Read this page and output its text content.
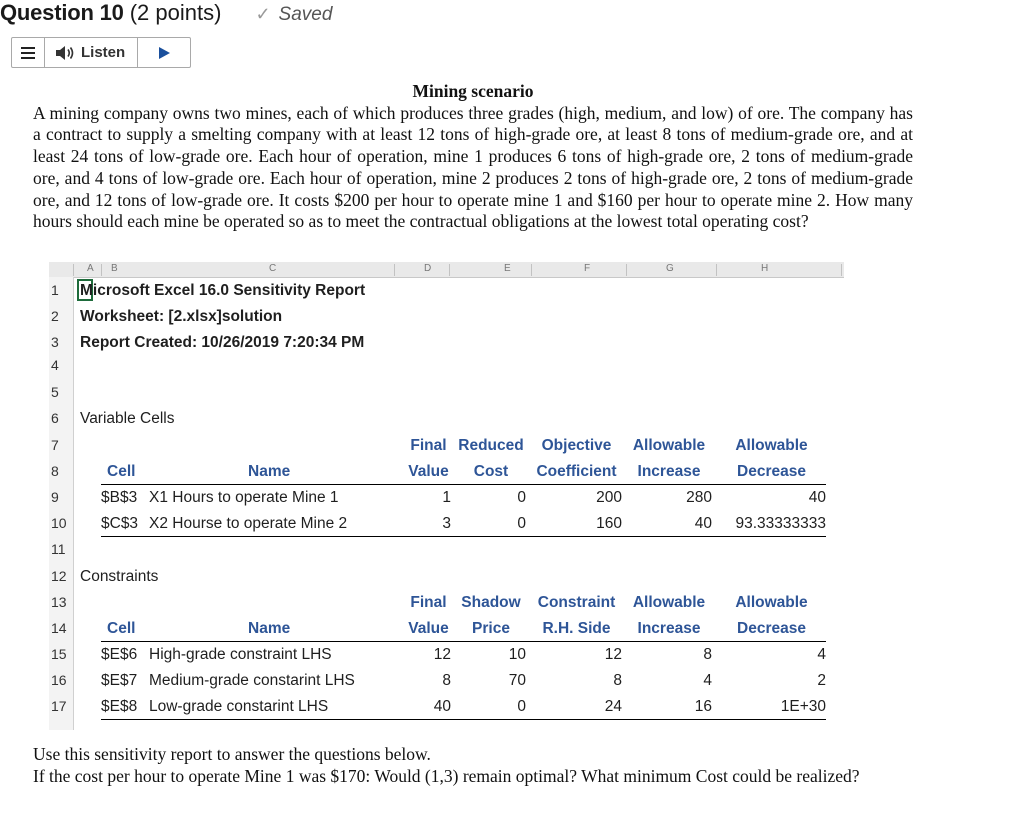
Question 10 (2 points) ✓ Saved
Listen
Mining scenario
A mining company owns two mines, each of which produces three grades (high, medium, and low) of ore. The company has a contract to supply a smelting company with at least 12 tons of high-grade ore, at least 8 tons of medium-grade ore, and at least 24 tons of low-grade ore. Each hour of operation, mine 1 produces 6 tons of high-grade ore, 2 tons of medium-grade ore, and 4 tons of low-grade ore. Each hour of operation, mine 2 produces 2 tons of high-grade ore, 2 tons of medium-grade ore, and 12 tons of low-grade ore. It costs $200 per hour to operate mine 1 and $160 per hour to operate mine 2. How many hours should each mine be operated so as to meet the contractual obligations at the lowest total operating cost?
A B	C	D	E	F	G	H
1
2
3
4
5
6
7
8
9
10
11
12
13
14
15
16
17
Microsoft Excel 16.0 Sensitivity Report
Worksheet: [2.xlsx]solution
Report Created: 10/26/2019 7:20:34 PM
Variable Cells
Final Reduced	Objective	Allowable	Allowable
Cell	Name	Value	Cost	Coefficient	Increase	Decrease
$B$3 X1 Hours to operate Mine 1	1	0	200	280	40
$C$3 X2 Hourse to operate Mine 2	3	0	160	40	93.33333333
Constraints
Final Shadow	Constraint	Allowable	Allowable
Cell	Name	Value	Price	R.H. Side	Increase	Decrease
$E$6 High-grade constraint LHS	12	10	12	8	4
$E$7 Medium-grade constarint LHS	8	70	8	4	2
$E$8 Low-grade constarint LHS	40	0	24	16	1E+30
Use this sensitivity report to answer the questions below.
If the cost per hour to operate Mine 1 was $170: Would (1,3) remain optimal? What minimum Cost could be realized?
